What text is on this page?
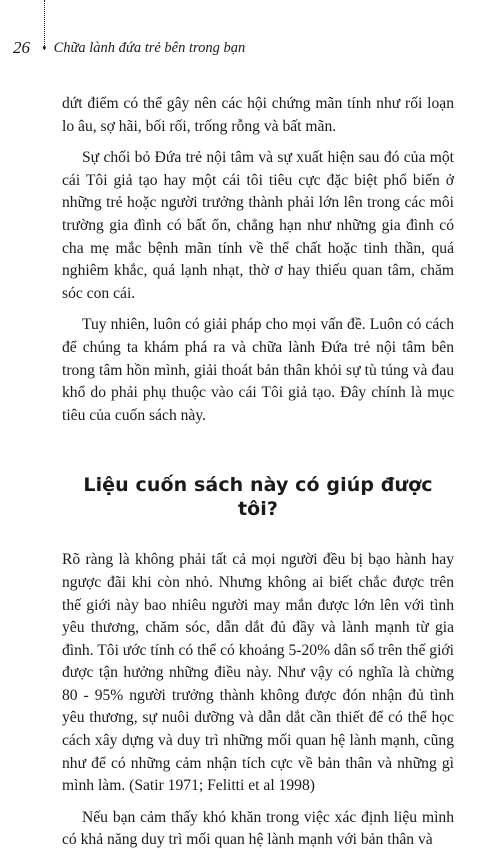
26 • Chữa lành đứa trẻ bên trong bạn

dứt điểm có thể gây nên các hội chứng mãn tính như rối loạn lo âu, sợ hãi, bối rối, trống rỗng và bất mãn.

Sự chối bỏ Đứa trẻ nội tâm và sự xuất hiện sau đó của một cái Tôi giả tạo hay một cái tôi tiêu cực đặc biệt phổ biến ở những trẻ hoặc người trưởng thành phải lớn lên trong các môi trường gia đình có bất ổn, chẳng hạn như những gia đình có cha mẹ mắc bệnh mãn tính về thể chất hoặc tinh thần, quá nghiêm khắc, quá lạnh nhạt, thờ ơ hay thiếu quan tâm, chăm sóc con cái.

Tuy nhiên, luôn có giải pháp cho mọi vấn đề. Luôn có cách để chúng ta khám phá ra và chữa lành Đứa trẻ nội tâm bên trong tâm hồn mình, giải thoát bản thân khỏi sự tù túng và đau khổ do phải phụ thuộc vào cái Tôi giả tạo. Đây chính là mục tiêu của cuốn sách này.

Liệu cuốn sách này có giúp được tôi?

Rõ ràng là không phải tất cả mọi người đều bị bạo hành hay ngược đãi khi còn nhỏ. Nhưng không ai biết chắc được trên thế giới này bao nhiêu người may mắn được lớn lên với tình yêu thương, chăm sóc, dẫn dắt đủ đầy và lành mạnh từ gia đình. Tôi ước tính có thể có khoảng 5-20% dân số trên thế giới được tận hưởng những điều này. Như vậy có nghĩa là chừng 80 - 95% người trưởng thành không được đón nhận đủ tình yêu thương, sự nuôi dưỡng và dẫn dắt cần thiết để có thể học cách xây dựng và duy trì những mối quan hệ lành mạnh, cũng như để có những cảm nhận tích cực về bản thân và những gì mình làm. (Satir 1971; Felitti et al 1998)

Nếu bạn cảm thấy khó khăn trong việc xác định liệu mình có khả năng duy trì mối quan hệ lành mạnh với bản thân và
